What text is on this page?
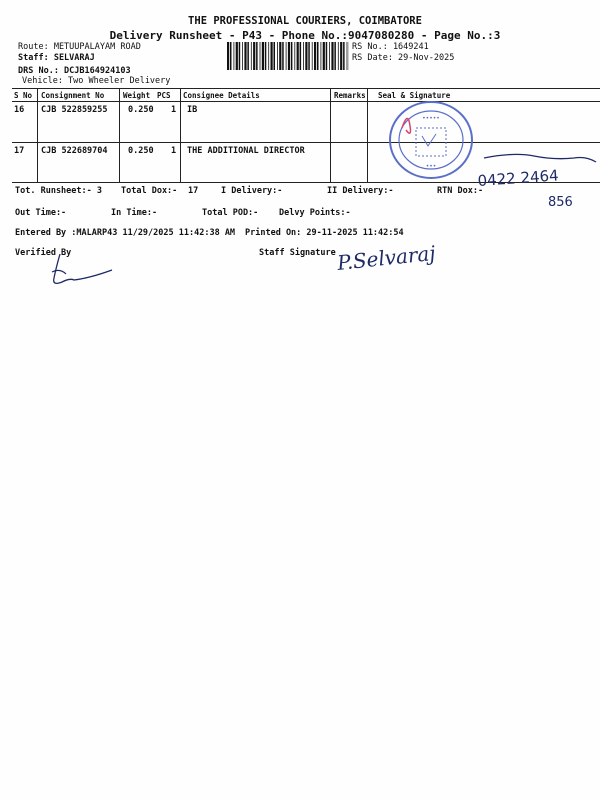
THE PROFESSIONAL COURIERS, COIMBATORE
Delivery Runsheet - P43 - Phone No.:9047080280 - Page No.:3
Route: METUUPALAYAM ROAD
Staff: SELVARAJ
DRS No.: DCJB164924103
Vehicle: Two Wheeler Delivery
RS No.: 1649241
RS Date: 29-Nov-2025
S No Consignment No	Weight PCS Consignee Details	Remarks Seal & Signature
16 CJB 522859255 0.250 1 IB
17 CJB 522689704 0.250 1 THE ADDITIONAL DIRECTOR
•••••
•••	0422 2464
856
Tot. Runsheet:- 3 Total Dox:- 17	I Delivery:-	II Delivery:-	RTN Dox:-
Out Time:-	In Time:-	Total POD:- Delvy Points:-
Entered By :MALARP43 11/29/2025 11:42:38 AM Printed On: 29-11-2025 11:42:54
Verified By	Staff Signature P.Selvaraj
